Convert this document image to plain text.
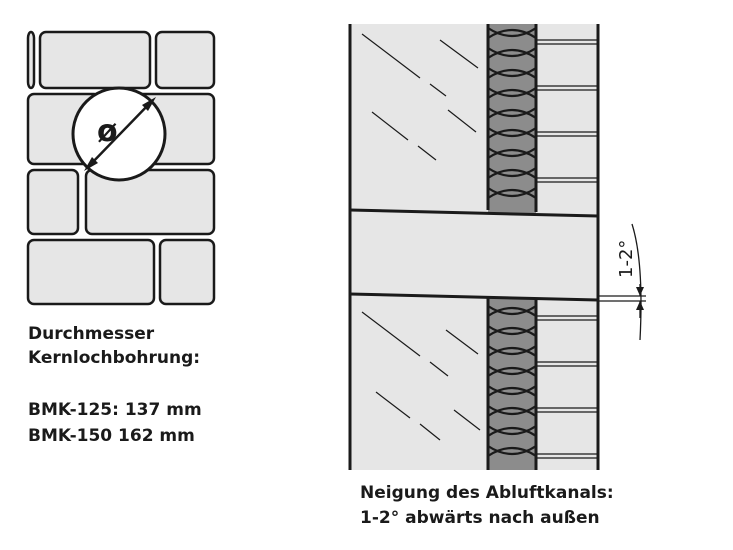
ø
1-2°
Durchmesser
Kernlochbohrung:
BMK-125: 137 mm
BMK-150 162 mm
Neigung des Abluftkanals:
1-2° abwärts nach außen
